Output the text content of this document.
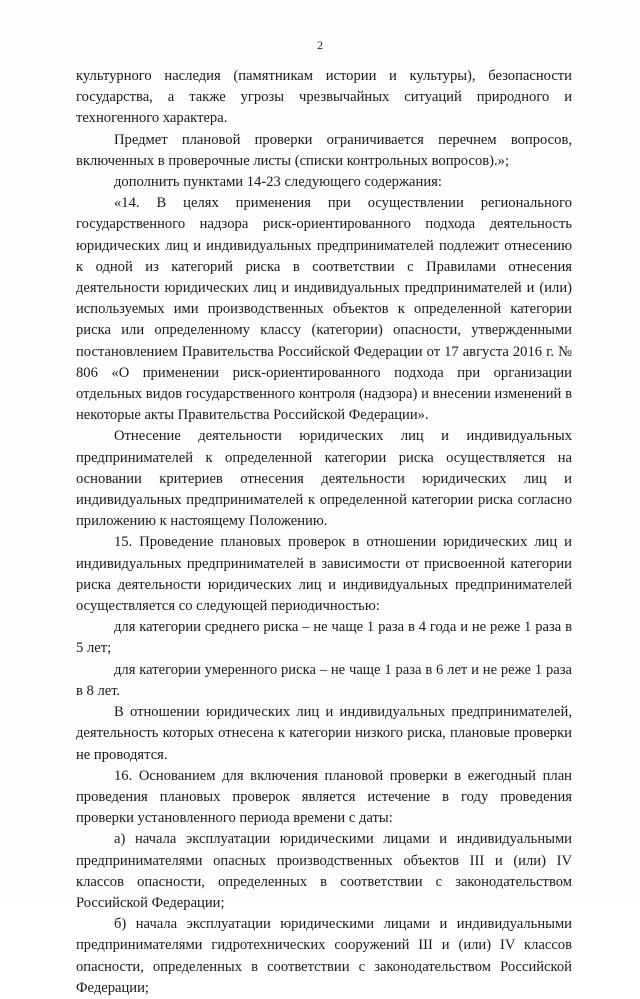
2

культурного наследия (памятникам истории и культуры), безопасности государства, а также угрозы чрезвычайных ситуаций природного и техногенного характера.

Предмет плановой проверки ограничивается перечнем вопросов, включенных в проверочные листы (списки контрольных вопросов).»;

дополнить пунктами 14-23 следующего содержания:

«14. В целях применения при осуществлении регионального государственного надзора риск-ориентированного подхода деятельность юридических лиц и индивидуальных предпринимателей подлежит отнесению к одной из категорий риска в соответствии с Правилами отнесения деятельности юридических лиц и индивидуальных предпринимателей и (или) используемых ими производственных объектов к определенной категории риска или определенному классу (категории) опасности, утвержденными постановлением Правительства Российской Федерации от 17 августа 2016 г. № 806 «О применении риск-ориентированного подхода при организации отдельных видов государственного контроля (надзора) и внесении изменений в некоторые акты Правительства Российской Федерации».

Отнесение деятельности юридических лиц и индивидуальных предпринимателей к определенной категории риска осуществляется на основании критериев отнесения деятельности юридических лиц и индивидуальных предпринимателей к определенной категории риска согласно приложению к настоящему Положению.

15. Проведение плановых проверок в отношении юридических лиц и индивидуальных предпринимателей в зависимости от присвоенной категории риска деятельности юридических лиц и индивидуальных предпринимателей осуществляется со следующей периодичностью:

для категории среднего риска – не чаще 1 раза в 4 года и не реже 1 раза в 5 лет;

для категории умеренного риска – не чаще 1 раза в 6 лет и не реже 1 раза в 8 лет.

В отношении юридических лиц и индивидуальных предпринимателей, деятельность которых отнесена к категории низкого риска, плановые проверки не проводятся.

16. Основанием для включения плановой проверки в ежегодный план проведения плановых проверок является истечение в году проведения проверки установленного периода времени с даты:

а) начала эксплуатации юридическими лицами и индивидуальными предпринимателями опасных производственных объектов III и (или) IV классов опасности, определенных в соответствии с законодательством Российской Федерации;

б) начала эксплуатации юридическими лицами и индивидуальными предпринимателями гидротехнических сооружений III и (или) IV классов опасности, определенных в соответствии с законодательством Российской Федерации;
